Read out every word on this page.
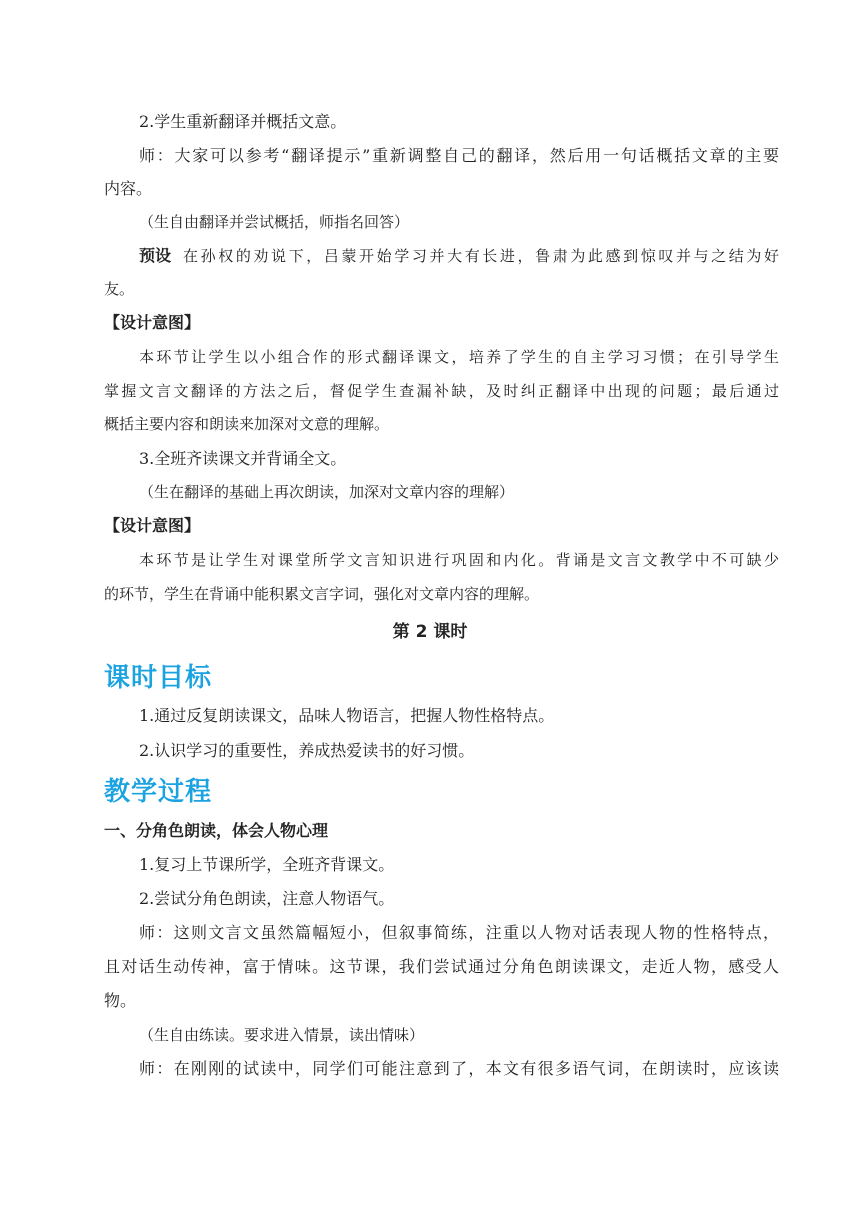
2.学生重新翻译并概括文意。
师：大家可以参考“翻译提示”重新调整自己的翻译，然后用一句话概括文章的主要
内容。
（生自由翻译并尝试概括，师指名回答）
预设 在孙权的劝说下，吕蒙开始学习并大有长进，鲁肃为此感到惊叹并与之结为好
友。
【设计意图】
本环节让学生以小组合作的形式翻译课文，培养了学生的自主学习习惯；在引导学生
掌握文言文翻译的方法之后，督促学生查漏补缺，及时纠正翻译中出现的问题；最后通过
概括主要内容和朗读来加深对文意的理解。
3.全班齐读课文并背诵全文。
（生在翻译的基础上再次朗读，加深对文章内容的理解）
【设计意图】
本环节是让学生对课堂所学文言知识进行巩固和内化。背诵是文言文教学中不可缺少
的环节，学生在背诵中能积累文言字词，强化对文章内容的理解。
第 2 课时
课时目标
1.通过反复朗读课文，品味人物语言，把握人物性格特点。
2.认识学习的重要性，养成热爱读书的好习惯。
教学过程
一、分角色朗读，体会人物心理
1.复习上节课所学，全班齐背课文。
2.尝试分角色朗读，注意人物语气。
师：这则文言文虽然篇幅短小，但叙事简练，注重以人物对话表现人物的性格特点，
且对话生动传神，富于情味。这节课，我们尝试通过分角色朗读课文，走近人物，感受人
物。
（生自由练读。要求进入情景，读出情味）
师：在刚刚的试读中，同学们可能注意到了，本文有很多语气词，在朗读时，应该读
